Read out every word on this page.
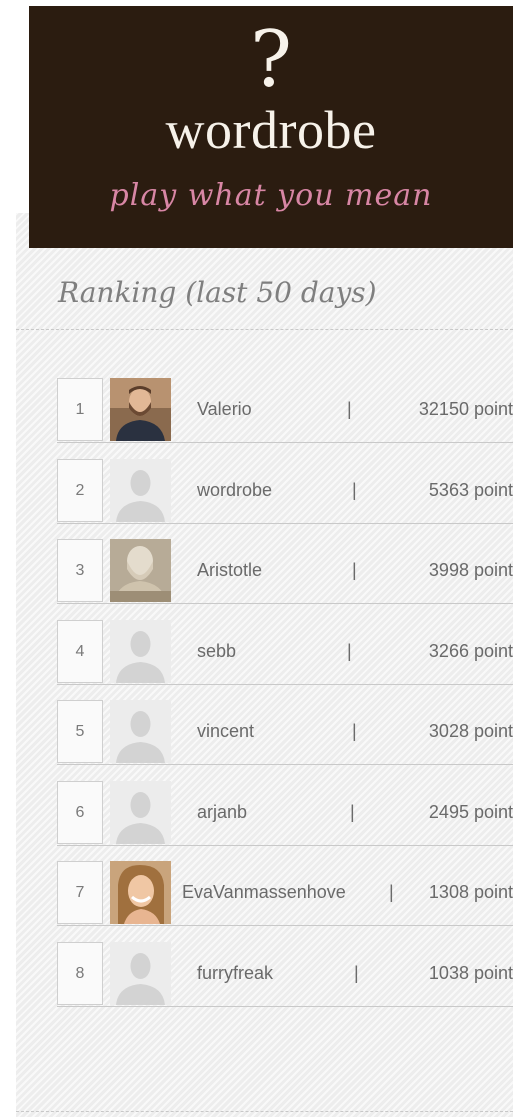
?
wordrobe
play what you mean
Ranking (last 50 days)
1	Valerio	|	32150 point
2	wordrobe	|	5363 point
3	Aristotle	|	3998 point
4	sebb	|	3266 point
5	vincent	|	3028 point
6	arjanb	|	2495 point
7	EvaVanmassenhove | 1308 point
8	furryfreak	|	1038 point
